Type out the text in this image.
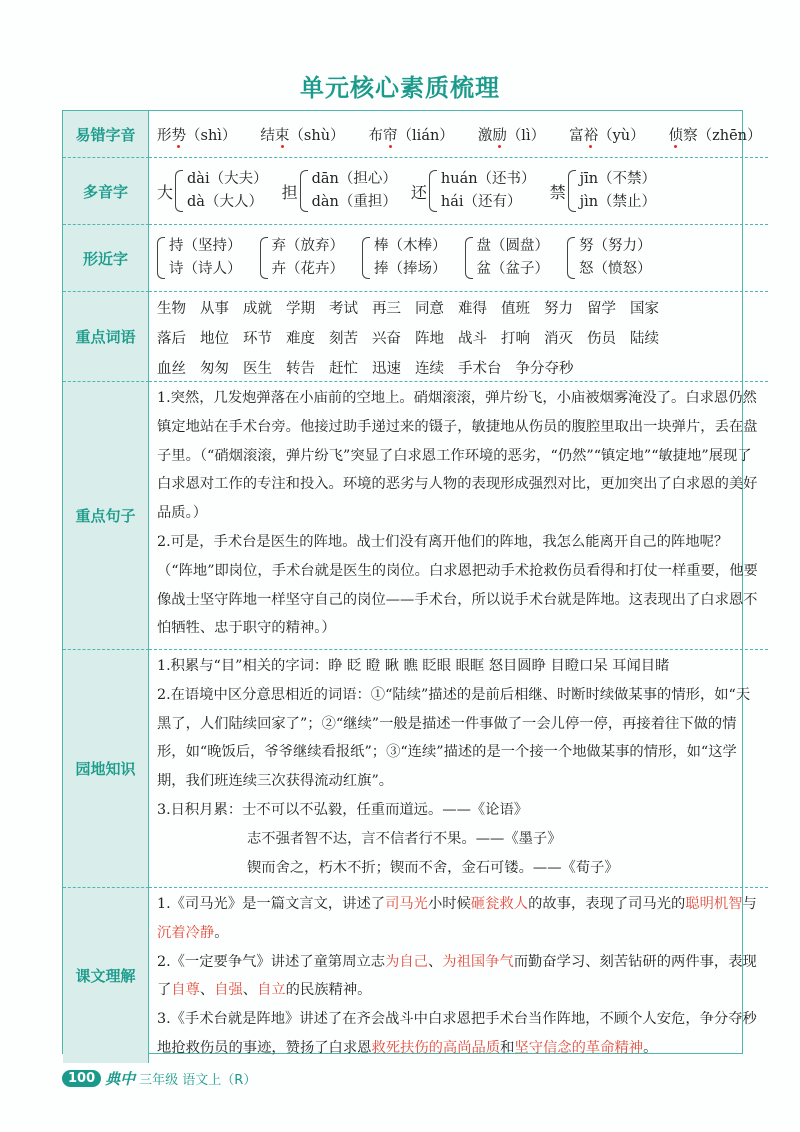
单元核心素质梳理
易错字音	形势（shì） 结束（shù） 布帘（lián） 激励（lì） 富裕（yù） 侦察（zhēn）
多音字	大
dài（大夫）
dà（大人）
担
dān（担心）
dàn（重担）
还
huán（还书）
hái（还有）
禁
jīn（不禁）
jìn（禁止）
形近字
持（坚持）
诗（诗人）
弃（放弃）
卉（花卉）
棒（木棒）
捧（捧场）
盘（圆盘）
盆（盆子）
努（努力）
怒（愤怒）
重点词语
生物 从事 成就 学期 考试 再三 同意 难得 值班 努力 留学 国家
落后 地位 环节 难度 刻苦 兴奋 阵地 战斗 打响 消灭 伤员 陆续
血丝 匆匆 医生 转告 赶忙 迅速 连续 手术台 争分夺秒
重点句子

1.突然，几发炮弹落在小庙前的空地上。硝烟滚滚，弹片纷飞，小庙被烟雾淹没了。白求恩仍然镇定地站在手术台旁。他接过助手递过来的镊子，敏捷地从伤员的腹腔里取出一块弹片，丢在盘子里。（“硝烟滚滚，弹片纷飞”突显了白求恩工作环境的恶劣，“仍然”“镇定地”“敏捷地”展现了白求恩对工作的专注和投入。环境的恶劣与人物的表现形成强烈对比，更加突出了白求恩的美好品质。）

2.可是，手术台是医生的阵地。战士们没有离开他们的阵地，我怎么能离开自己的阵地呢？（“阵地”即岗位，手术台就是医生的岗位。白求恩把动手术抢救伤员看得和打仗一样重要，他要像战士坚守阵地一样坚守自己的岗位——手术台，所以说手术台就是阵地。这表现出了白求恩不怕牺牲、忠于职守的精神。）

园地知识

1.积累与“目”相关的字词：睁 眨 瞪 瞅 瞧 眨眼 眼眶 怒目圆睁 目瞪口呆 耳闻目睹

2.在语境中区分意思相近的词语：①“陆续”描述的是前后相继、时断时续做某事的情形，如“天黑了，人们陆续回家了”；②“继续”一般是描述一件事做了一会儿停一停，再接着往下做的情形，如“晚饭后，爷爷继续看报纸”；③“连续”描述的是一个接一个地做某事的情形，如“这学期，我们班连续三次获得流动红旗”。

3.日积月累：士不可以不弘毅，任重而道远。——《论语》

志不强者智不达，言不信者行不果。——《墨子》

锲而舍之，朽木不折；锲而不舍，金石可镂。——《荀子》

课文理解

1.《司马光》是一篇文言文，讲述了司马光小时候砸瓮救人的故事，表现了司马光的聪明机智与沉着冷静。

2.《一定要争气》讲述了童第周立志为自己、为祖国争气而勤奋学习、刻苦钻研的两件事，表现了自尊、自强、自立的民族精神。

3.《手术台就是阵地》讲述了在齐会战斗中白求恩把手术台当作阵地，不顾个人安危，争分夺秒地抢救伤员的事迹，赞扬了白求恩救死扶伤的高尚品质和坚守信念的革命精神。

100 典中 三年级 语文上（R）
